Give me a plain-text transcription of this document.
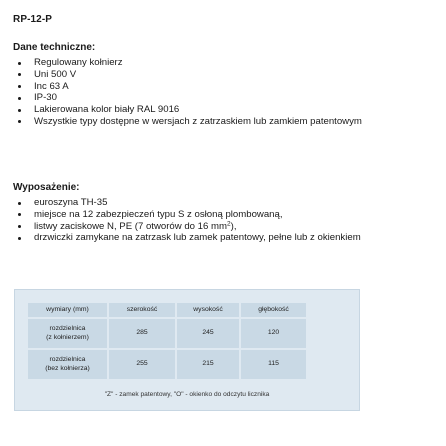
RP-12-P
Dane techniczne:
Regulowany kołnierz
Uni 500 V
Inc 63 A
IP-30
Lakierowana kolor biały RAL 9016
Wszystkie typy dostępne w wersjach z zatrzaskiem lub zamkiem patentowym
Wyposażenie:
euroszyna TH-35
miejsce na 12 zabezpieczeń typu S z osłoną plombowaną,
listwy zaciskowe N, PE (7 otworów do 16 $mm^2$),
drzwiczki zamykane na zatrzask lub zamek patentowy, pełne lub z okienkiem
wymiary (mm)	szerokość	wysokość	głębokość

rozdzielnica
(z kołnierzem)	285	245	120

rozdzielnica
(bez kołnierza)	255	215	115
"Z" - zamek patentowy, "O" - okienko do odczytu licznika
